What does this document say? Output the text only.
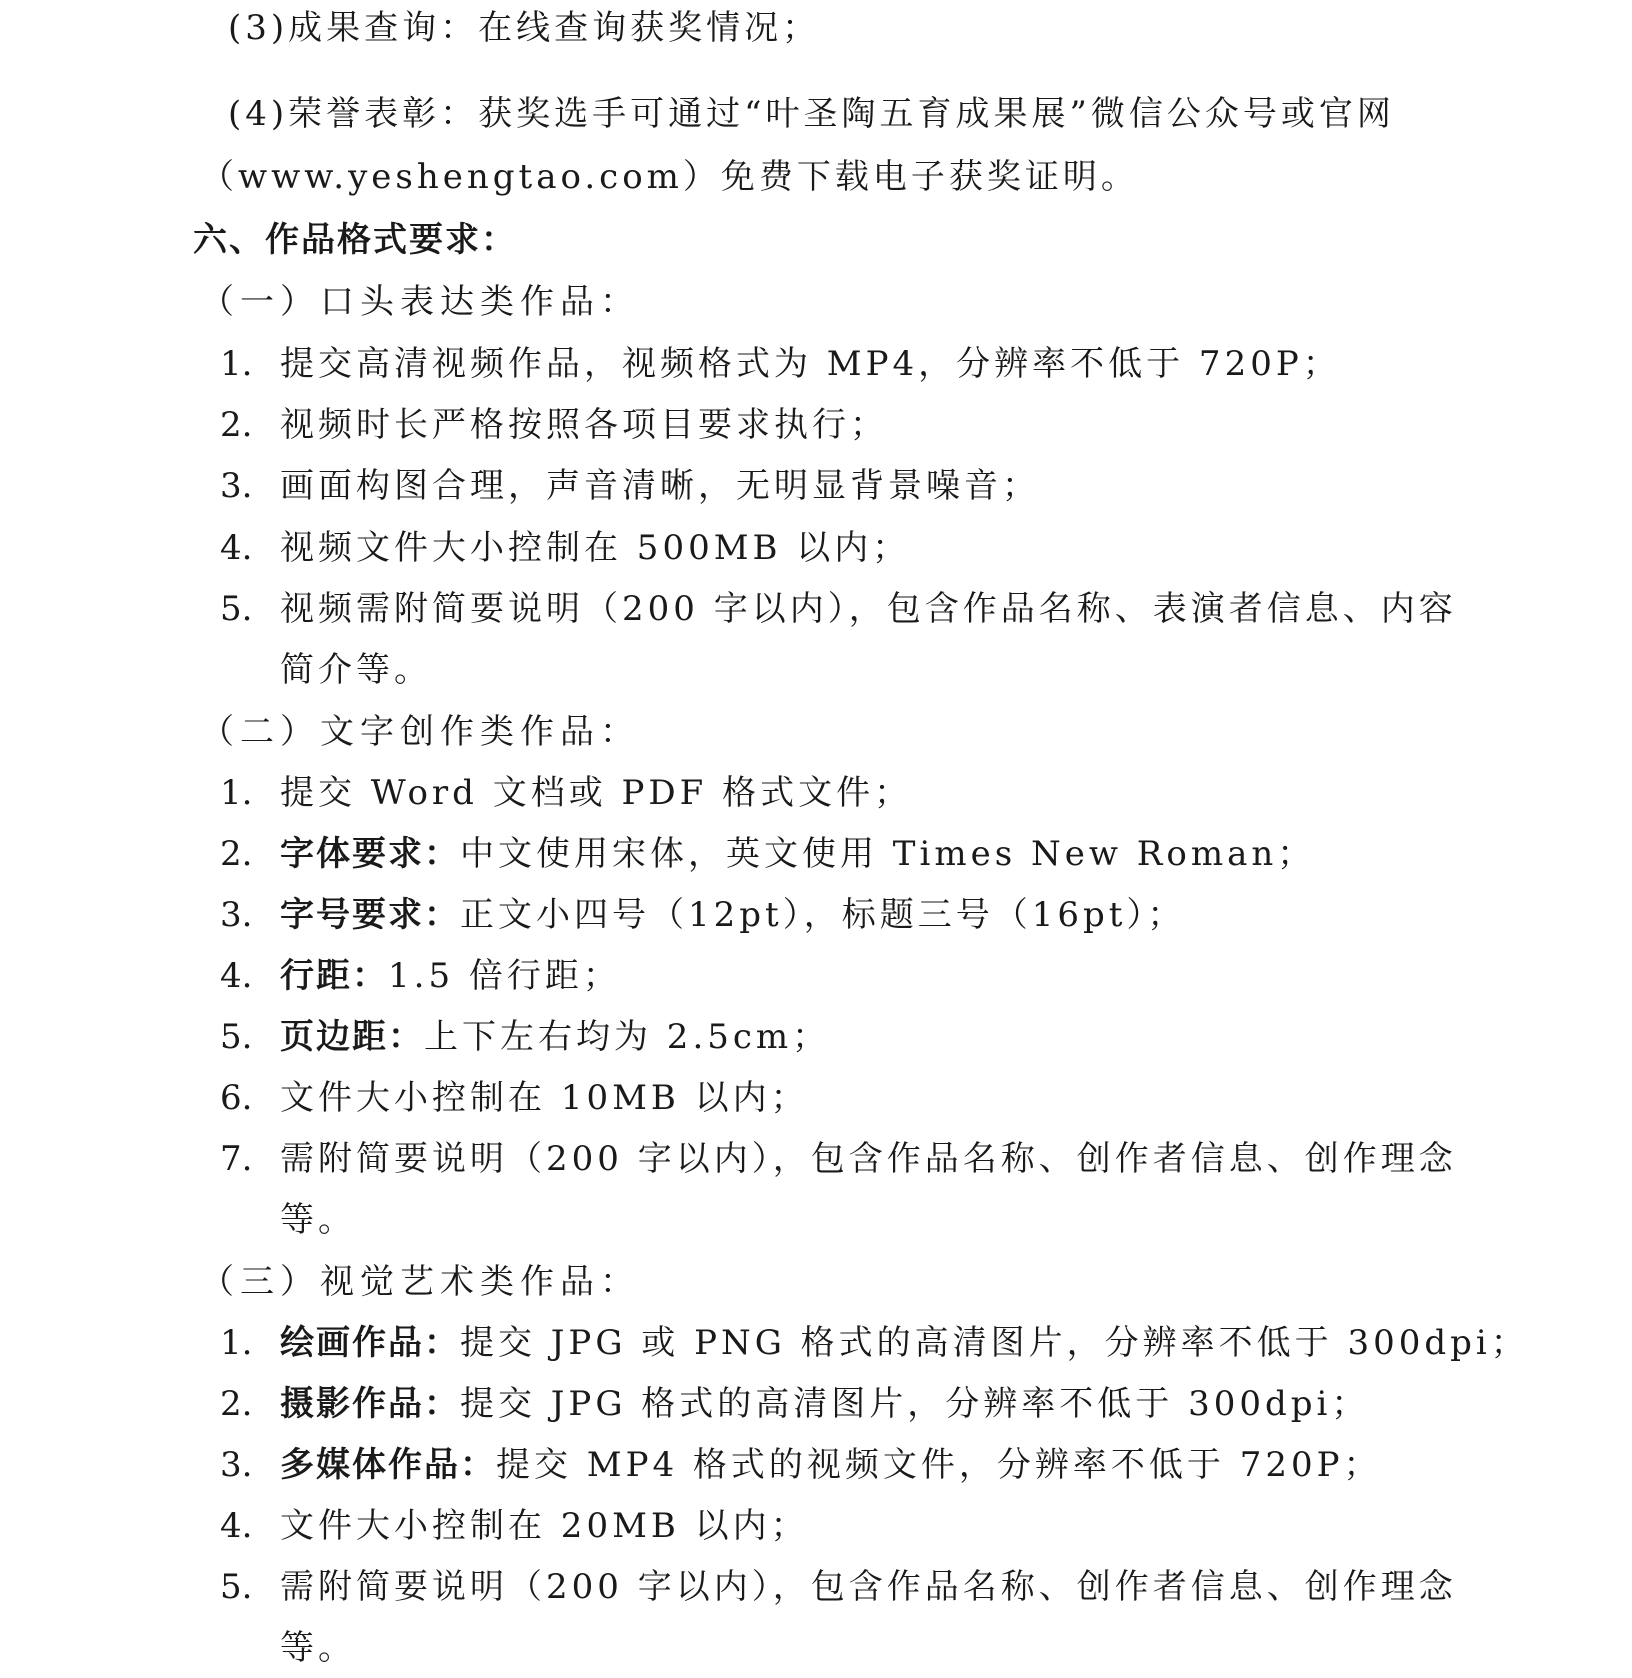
(3)成果查询：在线查询获奖情况；
(4)荣誉表彰：获奖选手可通过“叶圣陶五育成果展”微信公众号或官网
（www.yeshengtao.com）免费下载电子获奖证明。
六、作品格式要求：
（一）口头表达类作品：
1. 提交高清视频作品，视频格式为 MP4，分辨率不低于 720P；
2. 视频时长严格按照各项目要求执行；
3. 画面构图合理，声音清晰，无明显背景噪音；
4. 视频文件大小控制在 500MB 以内；
5. 视频需附简要说明（200 字以内），包含作品名称、表演者信息、内容
简介等。
（二）文字创作类作品：
1. 提交 Word 文档或 PDF 格式文件；
2. 字体要求：中文使用宋体，英文使用 Times New Roman；
3. 字号要求：正文小四号（12pt），标题三号（16pt）；
4. 行距：1.5 倍行距；
5. 页边距：上下左右均为 2.5cm；
6. 文件大小控制在 10MB 以内；
7. 需附简要说明（200 字以内），包含作品名称、创作者信息、创作理念
等。
（三）视觉艺术类作品：
1. 绘画作品：提交 JPG 或 PNG 格式的高清图片，分辨率不低于 300dpi；
2. 摄影作品：提交 JPG 格式的高清图片，分辨率不低于 300dpi；
3. 多媒体作品：提交 MP4 格式的视频文件，分辨率不低于 720P；
4. 文件大小控制在 20MB 以内；
5. 需附简要说明（200 字以内），包含作品名称、创作者信息、创作理念
等。
